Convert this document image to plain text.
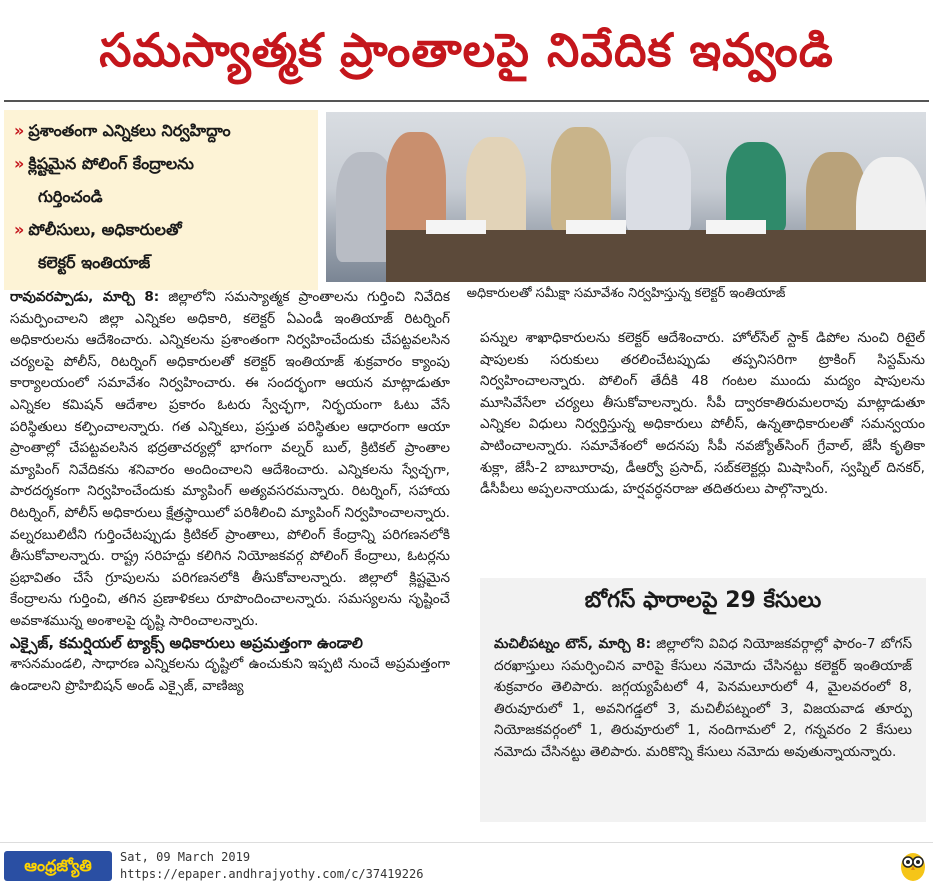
సమస్యాత్మక ప్రాంతాలపై నివేదిక ఇవ్వండి
» ప్రశాంతంగా ఎన్నికలు నిర్వహిద్దాం
» క్లిష్టమైన పోలింగ్ కేంద్రాలను
గుర్తించండి
» పోలీసులు, అధికారులతో
కలెక్టర్ ఇంతియాజ్
అధికారులతో సమీక్షా సమావేశం నిర్వహిస్తున్న కలెక్టర్ ఇంతియాజ్

రావువరప్పాడు, మార్చి 8: జిల్లాలోని సమస్యాత్మక ప్రాంతాలను గుర్తించి నివేదిక సమర్పించాలని జిల్లా ఎన్నికల అధికారి, కలెక్టర్ ఏఎండీ ఇంతియాజ్ రిటర్నింగ్ అధికారులను ఆదేశించారు. ఎన్నికలను ప్రశాంతంగా నిర్వహించేందుకు చేపట్టవలసిన చర్యలపై పోలీస్, రిటర్నింగ్ అధికారులతో కలెక్టర్ ఇంతియాజ్ శుక్రవారం క్యాంపు కార్యాలయంలో సమావేశం నిర్వహించారు. ఈ సందర్భంగా ఆయన మాట్లాడుతూ ఎన్నికల కమిషన్ ఆదేశాల ప్రకారం ఓటరు స్వేచ్ఛగా, నిర్భయంగా ఓటు వేసే పరిస్థితులు కల్పించాలన్నారు. గత ఎన్నికలు, ప్రస్తుత పరిస్థితుల ఆధారంగా ఆయా ప్రాంతాల్లో చేపట్టవలసిన భద్రతాచర్యల్లో భాగంగా వల్నర్ బుల్, క్రిటికల్ ప్రాంతాల మ్యాపింగ్ నివేదికను శనివారం అందించాలని ఆదేశించారు. ఎన్నికలను స్వేచ్ఛగా, పారదర్శకంగా నిర్వహించేందుకు మ్యాపింగ్ అత్యవసరమన్నారు. రిటర్నింగ్, సహాయ రిటర్నింగ్, పోలీస్ అధికారులు క్షేత్రస్థాయిలో పరిశీలించి మ్యాపింగ్ నిర్వహించాలన్నారు. వల్నరబులిటీని గుర్తించేటప్పుడు క్రిటికల్ ప్రాంతాలు, పోలింగ్ కేంద్రాన్ని పరిగణనలోకి తీసుకోవాలన్నారు. రాష్ట్ర సరిహద్దు కలిగిన నియోజకవర్గ పోలింగ్ కేంద్రాలు, ఓటర్లను ప్రభావితం చేసే గ్రూపులను పరిగణనలోకి తీసుకోవాలన్నారు. జిల్లాలో క్లిష్టమైన కేంద్రాలను గుర్తించి, తగిన ప్రణాళికలు రూపొందించాలన్నారు. సమస్యలను సృష్టించే అవకాశమున్న అంశాలపై దృష్టి సారించాలన్నారు.

ఎక్సైజ్, కమర్షియల్ ట్యాక్స్ అధికారులు అప్రమత్తంగా ఉండాలి

శాసనమండలి, సాధారణ ఎన్నికలను దృష్టిలో ఉంచుకుని ఇప్పటి నుంచే అప్రమత్తంగా ఉండాలని ప్రొహిబిషన్ అండ్ ఎక్సైజ్, వాణిజ్య

పన్నుల శాఖాధికారులను కలెక్టర్ ఆదేశించారు. హోల్‌సేల్ స్టాక్ డిపోల నుంచి రిటైల్ షాపులకు సరుకులు తరలించేటప్పుడు తప్పనిసరిగా ట్రాకింగ్ సిస్టమ్‌ను నిర్వహించాలన్నారు. పోలింగ్ తేదీకి 48 గంటల ముందు మద్యం షాపులను మూసివేసేలా చర్యలు తీసుకోవాలన్నారు. సీపీ ద్వారకాతిరుమలరావు మాట్లాడుతూ ఎన్నికల విధులు నిర్వర్తిస్తున్న అధికారులు పోలీస్, ఉన్నతాధికారులతో సమన్వయం పాటించాలన్నారు. సమావేశంలో అదనపు సీపీ నవజ్యోత్‌సింగ్ గ్రేవాల్, జేసీ కృతికా శుక్లా, జేసీ-2 బాబూరావు, డీఆర్వో ప్రసాద్, సబ్‌కలెక్టర్లు మిషాసింగ్, స్వప్నిల్ దినకర్, డీసీపీలు అప్పలనాయుడు, హర్షవర్ధనరాజు తదితరులు పాల్గొన్నారు.

బోగస్ ఫారాలపై 29 కేసులు
మచిలీపట్నం టౌన్, మార్చి 8: జిల్లాలోని వివిధ నియోజకవర్గాల్లో ఫారం-7 బోగస్ దరఖాస్తులు సమర్పించిన వారిపై కేసులు నమోదు చేసినట్టు కలెక్టర్ ఇంతియాజ్ శుక్రవారం తెలిపారు. జగ్గయ్యపేటలో 4, పెనమలూరులో 4, మైలవరంలో 8, తిరువూరులో 1, అవనిగడ్డలో 3, మచిలీపట్నంలో 3, విజయవాడ తూర్పు నియోజకవర్గంలో 1, తిరువూరులో 1, నందిగామలో 2, గన్నవరం 2 కేసులు నమోదు చేసినట్టు తెలిపారు. మరికొన్ని కేసులు నమోదు అవుతున్నాయన్నారు.
ఆంధ్రజ్యోతి	Sat, 09 March 2019
https://epaper.andhrajyothy.com/c/37419226
